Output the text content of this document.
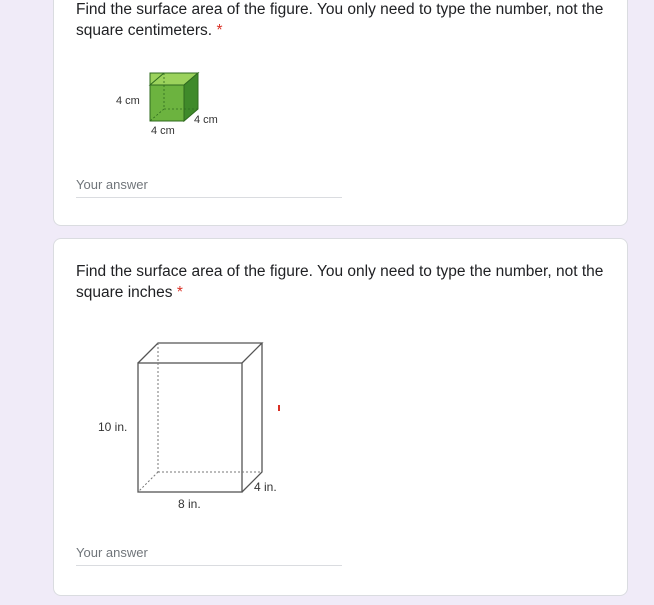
Find the surface area of the figure. You only need to type the number, not the square centimeters. *
4 cm
4 cm
4 cm
Your answer
Find the surface area of the figure. You only need to type the number, not the square inches *
10 in.
8 in.
4 in.
Your answer
